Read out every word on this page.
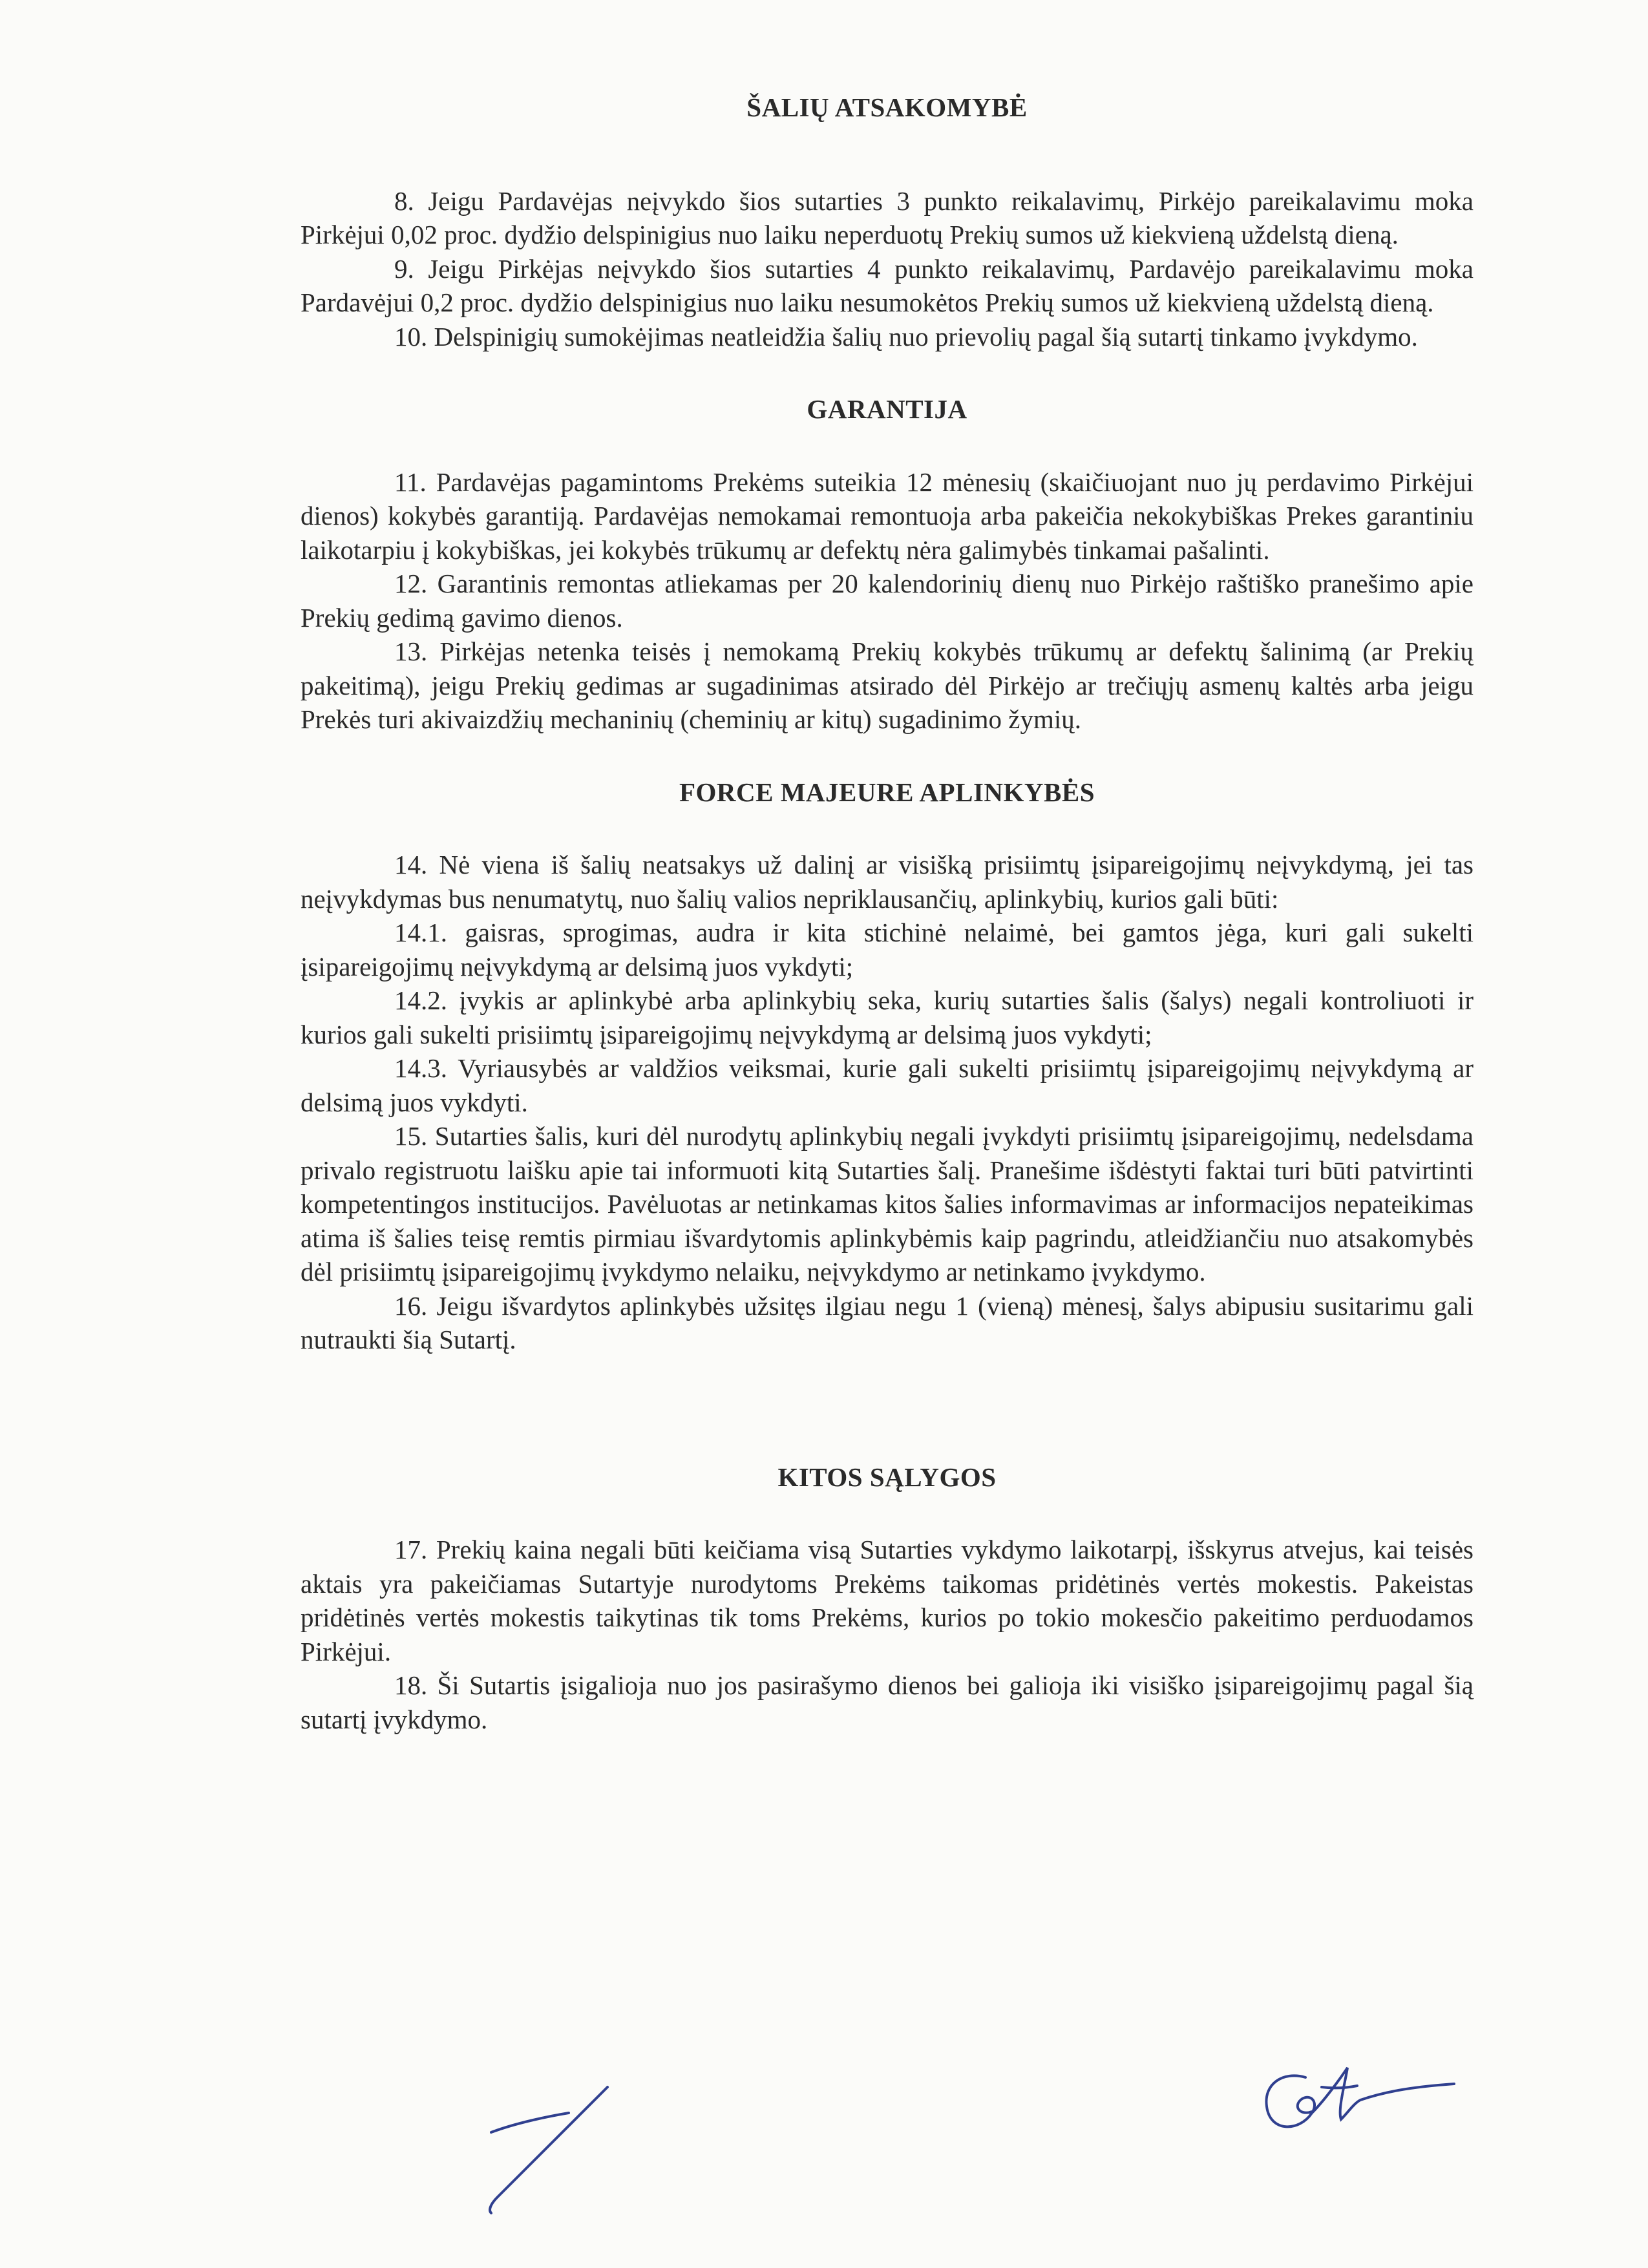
ŠALIŲ ATSAKOMYBĖ

8. Jeigu Pardavėjas neįvykdo šios sutarties 3 punkto reikalavimų, Pirkėjo pareikalavimu moka Pirkėjui 0,02 proc. dydžio delspinigius nuo laiku neperduotų Prekių sumos už kiekvieną uždelstą dieną.

9. Jeigu Pirkėjas neįvykdo šios sutarties 4 punkto reikalavimų, Pardavėjo pareikalavimu moka Pardavėjui 0,2 proc. dydžio delspinigius nuo laiku nesumokėtos Prekių sumos už kiekvieną uždelstą dieną.

10. Delspinigių sumokėjimas neatleidžia šalių nuo prievolių pagal šią sutartį tinkamo įvykdymo.

GARANTIJA

11. Pardavėjas pagamintoms Prekėms suteikia 12 mėnesių (skaičiuojant nuo jų perdavimo Pirkėjui dienos) kokybės garantiją. Pardavėjas nemokamai remontuoja arba pakeičia nekokybiškas Prekes garantiniu laikotarpiu į kokybiškas, jei kokybės trūkumų ar defektų nėra galimybės tinkamai pašalinti.

12. Garantinis remontas atliekamas per 20 kalendorinių dienų nuo Pirkėjo raštiško pranešimo apie Prekių gedimą gavimo dienos.

13. Pirkėjas netenka teisės į nemokamą Prekių kokybės trūkumų ar defektų šalinimą (ar Prekių pakeitimą), jeigu Prekių gedimas ar sugadinimas atsirado dėl Pirkėjo ar trečiųjų asmenų kaltės arba jeigu Prekės turi akivaizdžių mechaninių (cheminių ar kitų) sugadinimo žymių.

FORCE MAJEURE APLINKYBĖS

14. Nė viena iš šalių neatsakys už dalinį ar visišką prisiimtų įsipareigojimų neįvykdymą, jei tas neįvykdymas bus nenumatytų, nuo šalių valios nepriklausančių, aplinkybių, kurios gali būti:

14.1. gaisras, sprogimas, audra ir kita stichinė nelaimė, bei gamtos jėga, kuri gali sukelti įsipareigojimų neįvykdymą ar delsimą juos vykdyti;

14.2. įvykis ar aplinkybė arba aplinkybių seka, kurių sutarties šalis (šalys) negali kontroliuoti ir kurios gali sukelti prisiimtų įsipareigojimų neįvykdymą ar delsimą juos vykdyti;

14.3. Vyriausybės ar valdžios veiksmai, kurie gali sukelti prisiimtų įsipareigojimų neįvykdymą ar delsimą juos vykdyti.

15. Sutarties šalis, kuri dėl nurodytų aplinkybių negali įvykdyti prisiimtų įsipareigojimų, nedelsdama privalo registruotu laišku apie tai informuoti kitą Sutarties šalį. Pranešime išdėstyti faktai turi būti patvirtinti kompetentingos institucijos. Pavėluotas ar netinkamas kitos šalies informavimas ar informacijos nepateikimas atima iš šalies teisę remtis pirmiau išvardytomis aplinkybėmis kaip pagrindu, atleidžiančiu nuo atsakomybės dėl prisiimtų įsipareigojimų įvykdymo nelaiku, neįvykdymo ar netinkamo įvykdymo.

16. Jeigu išvardytos aplinkybės užsitęs ilgiau negu 1 (vieną) mėnesį, šalys abipusiu susitarimu gali nutraukti šią Sutartį.

KITOS SĄLYGOS

17. Prekių kaina negali būti keičiama visą Sutarties vykdymo laikotarpį, išskyrus atvejus, kai teisės aktais yra pakeičiamas Sutartyje nurodytoms Prekėms taikomas pridėtinės vertės mokestis. Pakeistas pridėtinės vertės mokestis taikytinas tik toms Prekėms, kurios po tokio mokesčio pakeitimo perduodamos Pirkėjui.

18. Ši Sutartis įsigalioja nuo jos pasirašymo dienos bei galioja iki visiško įsipareigojimų pagal šią sutartį įvykdymo.
